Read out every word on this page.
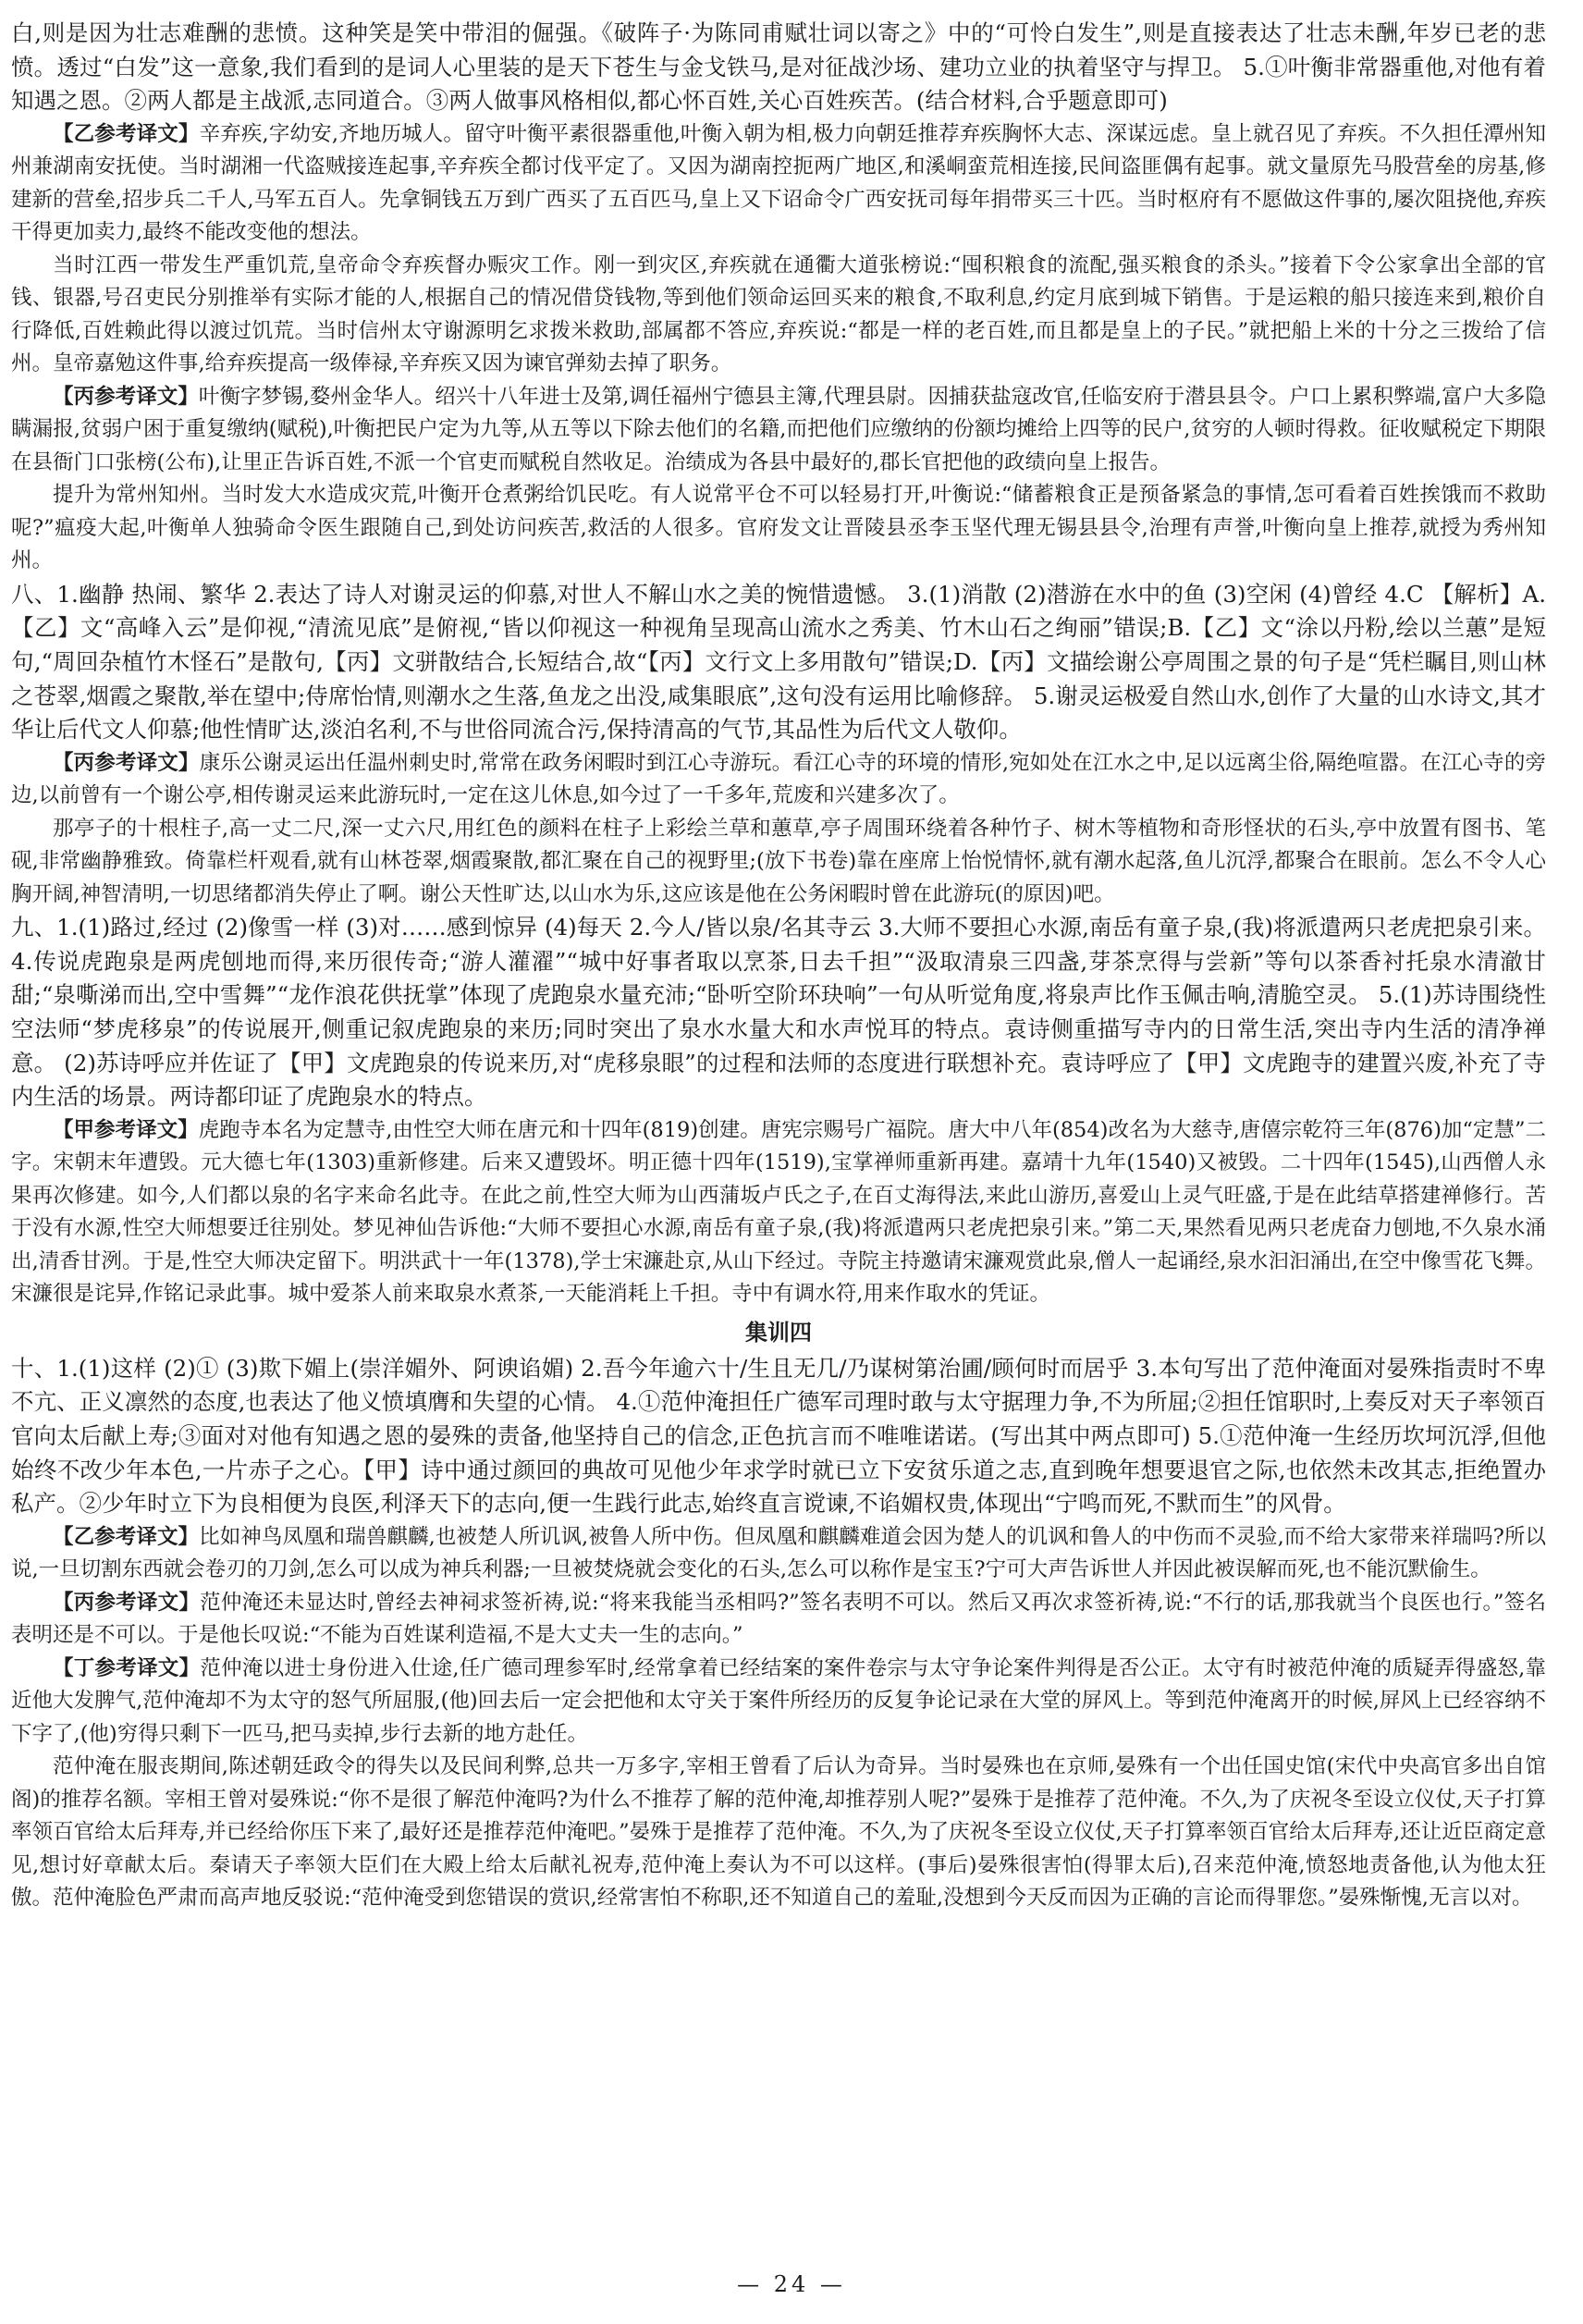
白,则是因为壮志难酬的悲愤。这种笑是笑中带泪的倔强。《破阵子·为陈同甫赋壮词以寄之》中的“可怜白发生”,则是直接表达了壮志未酬,年岁已老的悲愤。透过“白发”这一意象,我们看到的是词人心里装的是天下苍生与金戈铁马,是对征战沙场、建功立业的执着坚守与捍卫。 5.①叶衡非常器重他,对他有着知遇之恩。②两人都是主战派,志同道合。③两人做事风格相似,都心怀百姓,关心百姓疾苦。(结合材料,合乎题意即可)

【乙参考译文】辛弃疾,字幼安,齐地历城人。留守叶衡平素很器重他,叶衡入朝为相,极力向朝廷推荐弃疾胸怀大志、深谋远虑。皇上就召见了弃疾。不久担任潭州知州兼湖南安抚使。当时湖湘一代盗贼接连起事,辛弃疾全都讨伐平定了。又因为湖南控扼两广地区,和溪峒蛮荒相连接,民间盗匪偶有起事。就文量原先马股营垒的房基,修建新的营垒,招步兵二千人,马军五百人。先拿铜钱五万到广西买了五百匹马,皇上又下诏命令广西安抚司每年捐带买三十匹。当时枢府有不愿做这件事的,屡次阻挠他,弃疾干得更加卖力,最终不能改变他的想法。

当时江西一带发生严重饥荒,皇帝命令弃疾督办赈灾工作。刚一到灾区,弃疾就在通衢大道张榜说:“囤积粮食的流配,强买粮食的杀头。”接着下令公家拿出全部的官钱、银器,号召吏民分别推举有实际才能的人,根据自己的情况借贷钱物,等到他们领命运回买来的粮食,不取利息,约定月底到城下销售。于是运粮的船只接连来到,粮价自行降低,百姓赖此得以渡过饥荒。当时信州太守谢源明乞求拨米救助,部属都不答应,弃疾说:“都是一样的老百姓,而且都是皇上的子民。”就把船上米的十分之三拨给了信州。皇帝嘉勉这件事,给弃疾提高一级俸禄,辛弃疾又因为谏官弹劾去掉了职务。

【丙参考译文】叶衡字梦锡,婺州金华人。绍兴十八年进士及第,调任福州宁德县主簿,代理县尉。因捕获盐寇改官,任临安府于潜县县令。户口上累积弊端,富户大多隐瞒漏报,贫弱户困于重复缴纳(赋税),叶衡把民户定为九等,从五等以下除去他们的名籍,而把他们应缴纳的份额均摊给上四等的民户,贫穷的人顿时得救。征收赋税定下期限在县衙门口张榜(公布),让里正告诉百姓,不派一个官吏而赋税自然收足。治绩成为各县中最好的,郡长官把他的政绩向皇上报告。

提升为常州知州。当时发大水造成灾荒,叶衡开仓煮粥给饥民吃。有人说常平仓不可以轻易打开,叶衡说:“储蓄粮食正是预备紧急的事情,怎可看着百姓挨饿而不救助呢?”瘟疫大起,叶衡单人独骑命令医生跟随自己,到处访问疾苦,救活的人很多。官府发文让晋陵县丞李玉坚代理无锡县县令,治理有声誉,叶衡向皇上推荐,就授为秀州知州。

八、1.幽静 热闹、繁华 2.表达了诗人对谢灵运的仰慕,对世人不解山水之美的惋惜遗憾。 3.(1)消散 (2)潜游在水中的鱼 (3)空闲 (4)曾经 4.C 【解析】A.【乙】文“高峰入云”是仰视,“清流见底”是俯视,“皆以仰视这一种视角呈现高山流水之秀美、竹木山石之绚丽”错误;B.【乙】文“涂以丹粉,绘以兰蕙”是短句,“周回杂植竹木怪石”是散句,【丙】文骈散结合,长短结合,故“【丙】文行文上多用散句”错误;D.【丙】文描绘谢公亭周围之景的句子是“凭栏瞩目,则山林之苍翠,烟霞之聚散,举在望中;侍席怡情,则潮水之生落,鱼龙之出没,咸集眼底”,这句没有运用比喻修辞。 5.谢灵运极爱自然山水,创作了大量的山水诗文,其才华让后代文人仰慕;他性情旷达,淡泊名利,不与世俗同流合污,保持清高的气节,其品性为后代文人敬仰。

【丙参考译文】康乐公谢灵运出任温州刺史时,常常在政务闲暇时到江心寺游玩。看江心寺的环境的情形,宛如处在江水之中,足以远离尘俗,隔绝喧嚣。在江心寺的旁边,以前曾有一个谢公亭,相传谢灵运来此游玩时,一定在这儿休息,如今过了一千多年,荒废和兴建多次了。

那亭子的十根柱子,高一丈二尺,深一丈六尺,用红色的颜料在柱子上彩绘兰草和蕙草,亭子周围环绕着各种竹子、树木等植物和奇形怪状的石头,亭中放置有图书、笔砚,非常幽静雅致。倚靠栏杆观看,就有山林苍翠,烟霞聚散,都汇聚在自己的视野里;(放下书卷)靠在座席上怡悦情怀,就有潮水起落,鱼儿沉浮,都聚合在眼前。怎么不令人心胸开阔,神智清明,一切思绪都消失停止了啊。谢公天性旷达,以山水为乐,这应该是他在公务闲暇时曾在此游玩(的原因)吧。

九、1.(1)路过,经过 (2)像雪一样 (3)对……感到惊异 (4)每天 2.今人/皆以泉/名其寺云 3.大师不要担心水源,南岳有童子泉,(我)将派遣两只老虎把泉引来。 4.传说虎跑泉是两虎刨地而得,来历很传奇;“游人灌濯”“城中好事者取以烹茶,日去千担”“汲取清泉三四盏,芽茶烹得与尝新”等句以茶香衬托泉水清澈甘甜;“泉嘶涕而出,空中雪舞”“龙作浪花供抚掌”体现了虎跑泉水量充沛;“卧听空阶环玦响”一句从听觉角度,将泉声比作玉佩击响,清脆空灵。 5.(1)苏诗围绕性空法师“梦虎移泉”的传说展开,侧重记叙虎跑泉的来历;同时突出了泉水水量大和水声悦耳的特点。袁诗侧重描写寺内的日常生活,突出寺内生活的清净禅意。 (2)苏诗呼应并佐证了【甲】文虎跑泉的传说来历,对“虎移泉眼”的过程和法师的态度进行联想补充。袁诗呼应了【甲】文虎跑寺的建置兴废,补充了寺内生活的场景。两诗都印证了虎跑泉水的特点。

【甲参考译文】虎跑寺本名为定慧寺,由性空大师在唐元和十四年(819)创建。唐宪宗赐号广福院。唐大中八年(854)改名为大慈寺,唐僖宗乾符三年(876)加“定慧”二字。宋朝末年遭毁。元大德七年(1303)重新修建。后来又遭毁坏。明正德十四年(1519),宝掌禅师重新再建。嘉靖十九年(1540)又被毁。二十四年(1545),山西僧人永果再次修建。如今,人们都以泉的名字来命名此寺。在此之前,性空大师为山西蒲坂卢氏之子,在百丈海得法,来此山游历,喜爱山上灵气旺盛,于是在此结草搭建禅修行。苦于没有水源,性空大师想要迁往别处。梦见神仙告诉他:“大师不要担心水源,南岳有童子泉,(我)将派遣两只老虎把泉引来。”第二天,果然看见两只老虎奋力刨地,不久泉水涌出,清香甘洌。于是,性空大师决定留下。明洪武十一年(1378),学士宋濂赴京,从山下经过。寺院主持邀请宋濂观赏此泉,僧人一起诵经,泉水汩汩涌出,在空中像雪花飞舞。宋濂很是诧异,作铭记录此事。城中爱茶人前来取泉水煮茶,一天能消耗上千担。寺中有调水符,用来作取水的凭证。

集训四

十、1.(1)这样 (2)① (3)欺下媚上(崇洋媚外、阿谀谄媚) 2.吾今年逾六十/生且无几/乃谋树第治圃/顾何时而居乎 3.本句写出了范仲淹面对晏殊指责时不卑不亢、正义凛然的态度,也表达了他义愤填膺和失望的心情。 4.①范仲淹担任广德军司理时敢与太守据理力争,不为所屈;②担任馆职时,上奏反对天子率领百官向太后献上寿;③面对对他有知遇之恩的晏殊的责备,他坚持自己的信念,正色抗言而不唯唯诺诺。(写出其中两点即可) 5.①范仲淹一生经历坎坷沉浮,但他始终不改少年本色,一片赤子之心。【甲】诗中通过颜回的典故可见他少年求学时就已立下安贫乐道之志,直到晚年想要退官之际,也依然未改其志,拒绝置办私产。②少年时立下为良相便为良医,利泽天下的志向,便一生践行此志,始终直言谠谏,不谄媚权贵,体现出“宁鸣而死,不默而生”的风骨。

【乙参考译文】比如神鸟凤凰和瑞兽麒麟,也被楚人所讥讽,被鲁人所中伤。但凤凰和麒麟难道会因为楚人的讥讽和鲁人的中伤而不灵验,而不给大家带来祥瑞吗?所以说,一旦切割东西就会卷刃的刀剑,怎么可以成为神兵利器;一旦被焚烧就会变化的石头,怎么可以称作是宝玉?宁可大声告诉世人并因此被误解而死,也不能沉默偷生。

【丙参考译文】范仲淹还未显达时,曾经去神祠求签祈祷,说:“将来我能当丞相吗?”签名表明不可以。然后又再次求签祈祷,说:“不行的话,那我就当个良医也行。”签名表明还是不可以。于是他长叹说:“不能为百姓谋利造福,不是大丈夫一生的志向。”

【丁参考译文】范仲淹以进士身份进入仕途,任广德司理参军时,经常拿着已经结案的案件卷宗与太守争论案件判得是否公正。太守有时被范仲淹的质疑弄得盛怒,靠近他大发脾气,范仲淹却不为太守的怒气所屈服,(他)回去后一定会把他和太守关于案件所经历的反复争论记录在大堂的屏风上。等到范仲淹离开的时候,屏风上已经容纳不下字了,(他)穷得只剩下一匹马,把马卖掉,步行去新的地方赴任。

范仲淹在服丧期间,陈述朝廷政令的得失以及民间利弊,总共一万多字,宰相王曾看了后认为奇异。当时晏殊也在京师,晏殊有一个出任国史馆(宋代中央高官多出自馆阁)的推荐名额。宰相王曾对晏殊说:“你不是很了解范仲淹吗?为什么不推荐了解的范仲淹,却推荐别人呢?”晏殊于是推荐了范仲淹。不久,为了庆祝冬至设立仪仗,天子打算率领百官给太后拜寿,并已经给你压下来了,最好还是推荐范仲淹吧。”晏殊于是推荐了范仲淹。不久,为了庆祝冬至设立仪仗,天子打算率领百官给太后拜寿,还让近臣商定意见,想讨好章献太后。秦请天子率领大臣们在大殿上给太后献礼祝寿,范仲淹上奏认为不可以这样。(事后)晏殊很害怕(得罪太后),召来范仲淹,愤怒地责备他,认为他太狂傲。范仲淹脸色严肃而高声地反驳说:“范仲淹受到您错误的赏识,经常害怕不称职,还不知道自己的羞耻,没想到今天反而因为正确的言论而得罪您。”晏殊惭愧,无言以对。

— 24 —
